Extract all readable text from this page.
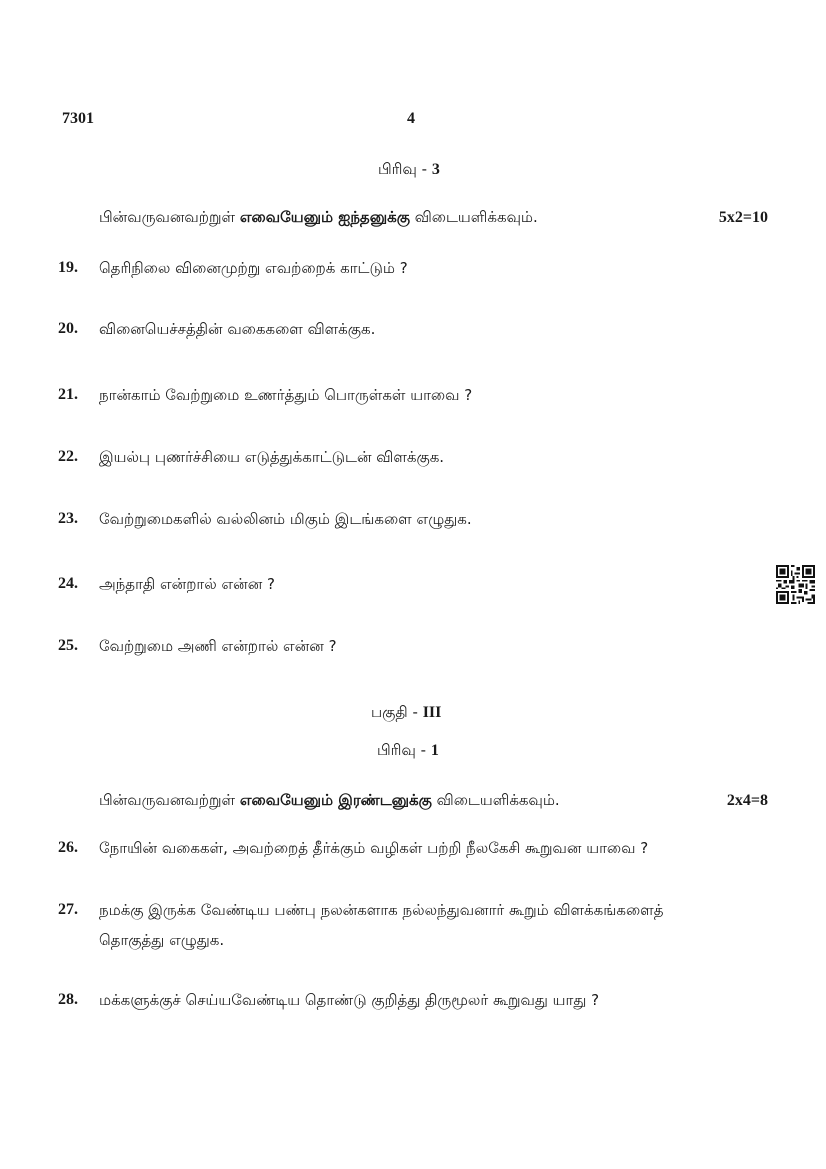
7301	4
பிரிவு - 3
பின்வருவனவற்றுள் எவையேனும் ஐந்தனுக்கு விடையளிக்கவும்.	5x2=10
19. தெரிநிலை வினைமுற்று எவற்றைக் காட்டும் ?
20. வினையெச்சத்தின் வகைகளை விளக்குக.
21. நான்காம் வேற்றுமை உணர்த்தும் பொருள்கள் யாவை ?
22. இயல்பு புணர்ச்சியை எடுத்துக்காட்டுடன் விளக்குக.
23. வேற்றுமைகளில் வல்லினம் மிகும் இடங்களை எழுதுக.
24. அந்தாதி என்றால் என்ன ?
25. வேற்றுமை அணி என்றால் என்ன ?
பகுதி - III
பிரிவு - 1
பின்வருவனவற்றுள் எவையேனும் இரண்டனுக்கு விடையளிக்கவும்.	2x4=8
26. நோயின் வகைகள், அவற்றைத் தீர்க்கும் வழிகள் பற்றி நீலகேசி கூறுவன யாவை ?
27. நமக்கு இருக்க வேண்டிய பண்பு நலன்களாக நல்லந்துவனார் கூறும் விளக்கங்களைத்
தொகுத்து எழுதுக.
28. மக்களுக்குச் செய்யவேண்டிய தொண்டு குறித்து திருமூலர் கூறுவது யாது ?
